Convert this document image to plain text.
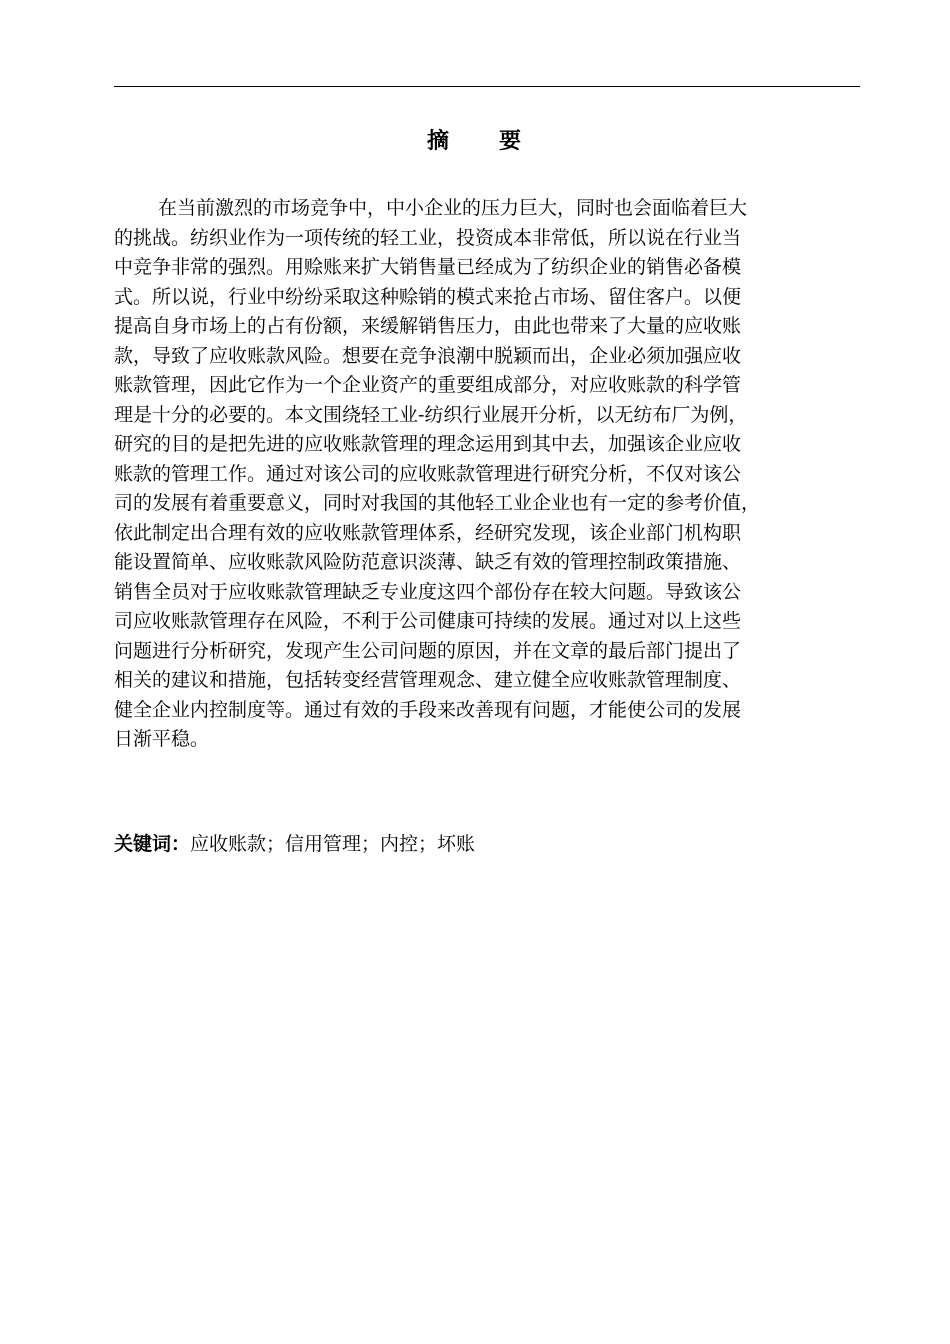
摘　　要
在当前激烈的市场竞争中，中小企业的压力巨大，同时也会面临着巨大
的挑战。纺织业作为一项传统的轻工业，投资成本非常低，所以说在行业当
中竞争非常的强烈。用赊账来扩大销售量已经成为了纺织企业的销售必备模
式。所以说，行业中纷纷采取这种赊销的模式来抢占市场、留住客户。以便
提高自身市场上的占有份额，来缓解销售压力，由此也带来了大量的应收账
款，导致了应收账款风险。想要在竞争浪潮中脱颖而出，企业必须加强应收
账款管理，因此它作为一个企业资产的重要组成部分，对应收账款的科学管
理是十分的必要的。本文围绕轻工业-纺织行业展开分析，以无纺布厂为例，
研究的目的是把先进的应收账款管理的理念运用到其中去，加强该企业应收
账款的管理工作。通过对该公司的应收账款管理进行研究分析，不仅对该公
司的发展有着重要意义，同时对我国的其他轻工业企业也有一定的参考价值，
依此制定出合理有效的应收账款管理体系，经研究发现，该企业部门机构职
能设置简单、应收账款风险防范意识淡薄、缺乏有效的管理控制政策措施、
销售全员对于应收账款管理缺乏专业度这四个部份存在较大问题。导致该公
司应收账款管理存在风险，不利于公司健康可持续的发展。通过对以上这些
问题进行分析研究，发现产生公司问题的原因，并在文章的最后部门提出了
相关的建议和措施，包括转变经营管理观念、建立健全应收账款管理制度、
健全企业内控制度等。通过有效的手段来改善现有问题，才能使公司的发展
日渐平稳。
关键词：应收账款；信用管理；内控；坏账
